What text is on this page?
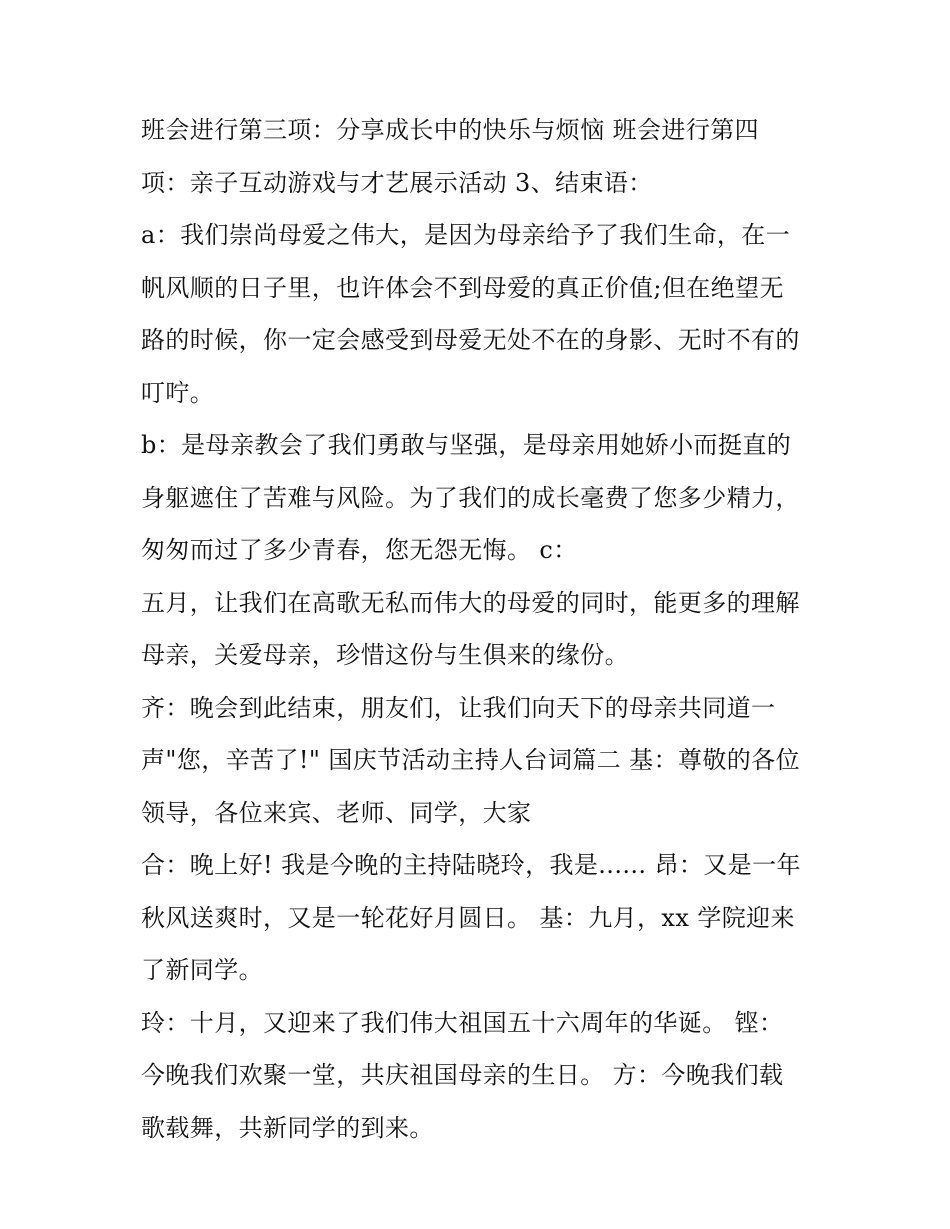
班会进行第三项：分享成长中的快乐与烦恼 班会进行第四
项：亲子互动游戏与才艺展示活动 3、结束语：
a：我们崇尚母爱之伟大，是因为母亲给予了我们生命，在一
帆风顺的日子里，也许体会不到母爱的真正价值;但在绝望无
路的时候，你一定会感受到母爱无处不在的身影、无时不有的
叮咛。
b：是母亲教会了我们勇敢与坚强，是母亲用她娇小而挺直的
身躯遮住了苦难与风险。为了我们的成长毫费了您多少精力，
匆匆而过了多少青春，您无怨无悔。 c：
五月，让我们在高歌无私而伟大的母爱的同时，能更多的理解
母亲，关爱母亲，珍惜这份与生俱来的缘份。
齐：晚会到此结束，朋友们，让我们向天下的母亲共同道一
声"您，辛苦了!" 国庆节活动主持人台词篇二 基：尊敬的各位
领导，各位来宾、老师、同学，大家
合：晚上好! 我是今晚的主持陆晓玲，我是...... 昂：又是一年
秋风送爽时，又是一轮花好月圆日。 基：九月，xx 学院迎来
了新同学。
玲：十月，又迎来了我们伟大祖国五十六周年的华诞。 铿：
今晚我们欢聚一堂，共庆祖国母亲的生日。 方：今晚我们载
歌载舞，共新同学的到来。
